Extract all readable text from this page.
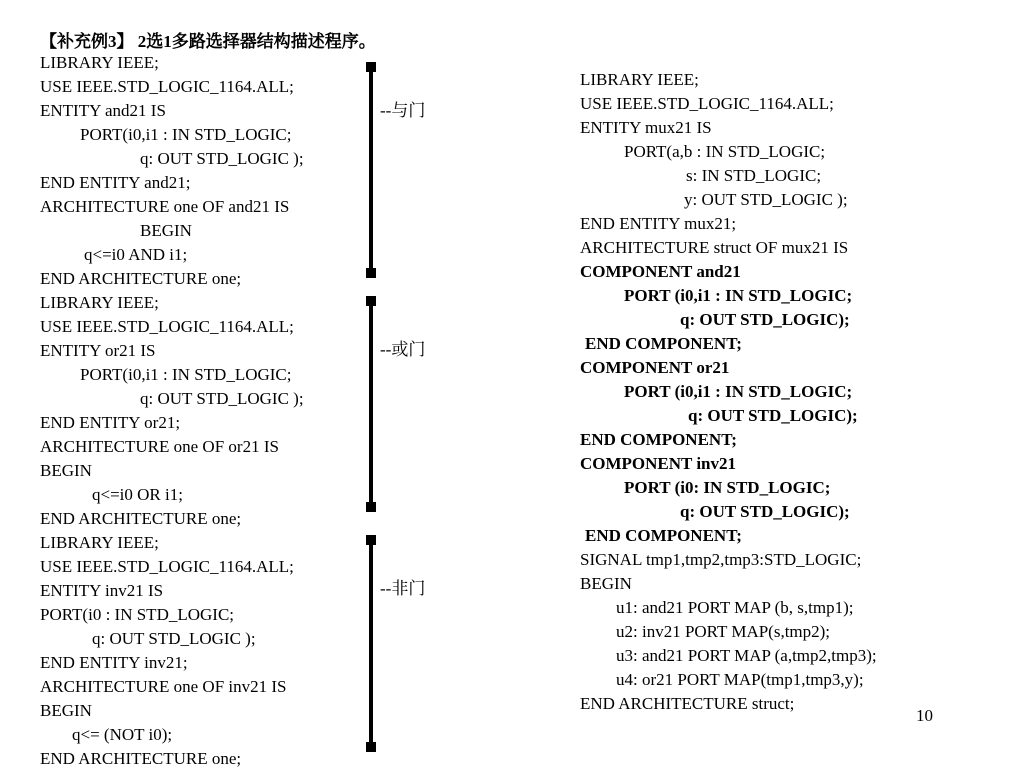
【补充例3】 2选1多路选择器结构描述程序。
LIBRARY IEEE;
USE IEEE.STD_LOGIC_1164.ALL;
ENTITY and21 IS
PORT(i0,i1 : IN STD_LOGIC;
q: OUT STD_LOGIC );
END ENTITY and21;
ARCHITECTURE one OF and21 IS
BEGIN
q<=i0 AND i1;
END ARCHITECTURE one;
LIBRARY IEEE;
USE IEEE.STD_LOGIC_1164.ALL;
ENTITY or21 IS
PORT(i0,i1 : IN STD_LOGIC;
q: OUT STD_LOGIC );
END ENTITY or21;
ARCHITECTURE one OF or21 IS
BEGIN
q<=i0 OR i1;
END ARCHITECTURE one;
LIBRARY IEEE;
USE IEEE.STD_LOGIC_1164.ALL;
ENTITY inv21 IS
PORT(i0 : IN STD_LOGIC;
q: OUT STD_LOGIC );
END ENTITY inv21;
ARCHITECTURE one OF inv21 IS
BEGIN
q<= (NOT i0);
END ARCHITECTURE one;
--与门
--或门
--非门
LIBRARY IEEE;
USE IEEE.STD_LOGIC_1164.ALL;
ENTITY mux21 IS
PORT(a,b : IN STD_LOGIC;
s: IN STD_LOGIC;
y: OUT STD_LOGIC );
END ENTITY mux21;
ARCHITECTURE struct OF mux21 IS
COMPONENT and21
PORT (i0,i1 : IN STD_LOGIC;
q: OUT STD_LOGIC);
END COMPONENT;
COMPONENT or21
PORT (i0,i1 : IN STD_LOGIC;
q: OUT STD_LOGIC);
END COMPONENT;
COMPONENT inv21
PORT (i0: IN STD_LOGIC;
q: OUT STD_LOGIC);
END COMPONENT;
SIGNAL tmp1,tmp2,tmp3:STD_LOGIC;
BEGIN
u1: and21 PORT MAP (b, s,tmp1);
u2: inv21 PORT MAP(s,tmp2);
u3: and21 PORT MAP (a,tmp2,tmp3);
u4: or21 PORT MAP(tmp1,tmp3,y);
END ARCHITECTURE struct;
10
